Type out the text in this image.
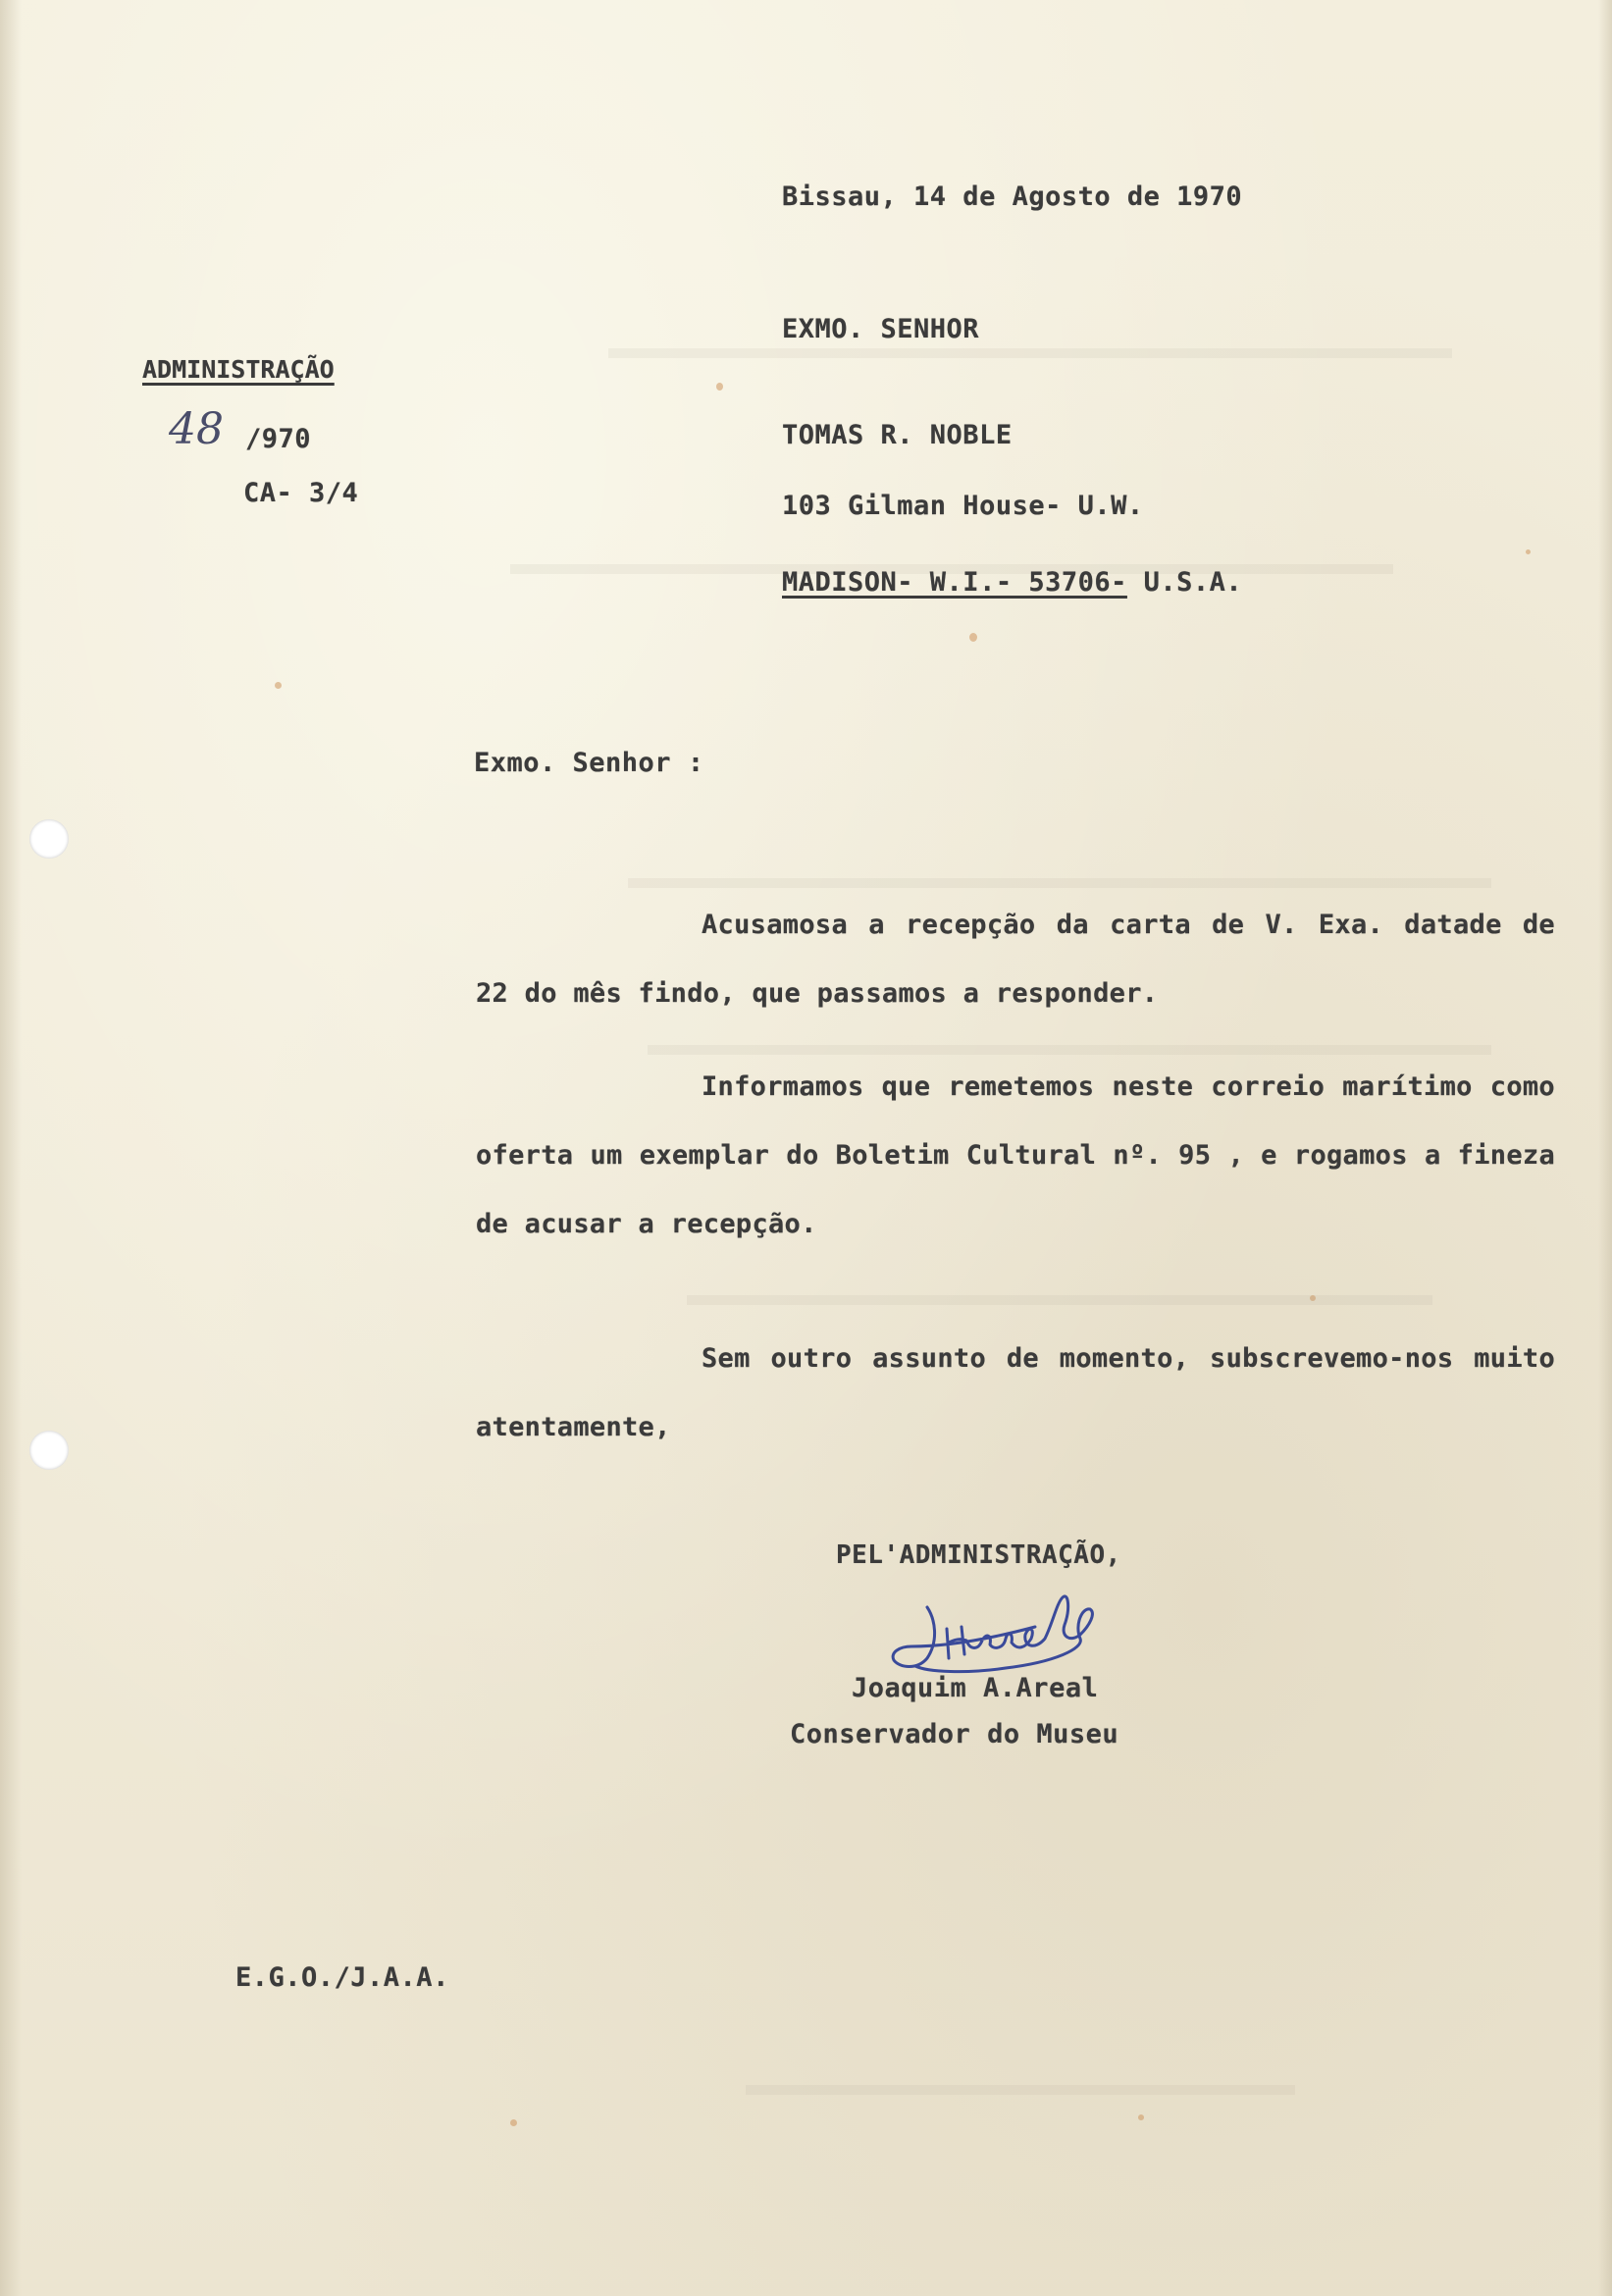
Bissau, 14 de Agosto de 1970

EXMO. SENHOR

ADMINISTRAÇÃO

48 /970

CA- 3/4

TOMAS R. NOBLE

103 Gilman House- U.W.

MADISON- W.I.- 53706- U.S.A.

Exmo. Senhor :

Acusamosa a recepção da carta de V. Exa. datade de 22 do mês findo, que passamos a responder.

Informamos que remetemos neste correio marítimo como oferta um exemplar do Boletim Cultural nº. 95 , e rogamos a fineza de acusar a recepção.

Sem outro assunto de momento, subscrevemo-nos muito atentamente,

PEL'ADMINISTRAÇÃO,

Joaquim A.Areal

Conservador do Museu

E.G.O./J.A.A.
